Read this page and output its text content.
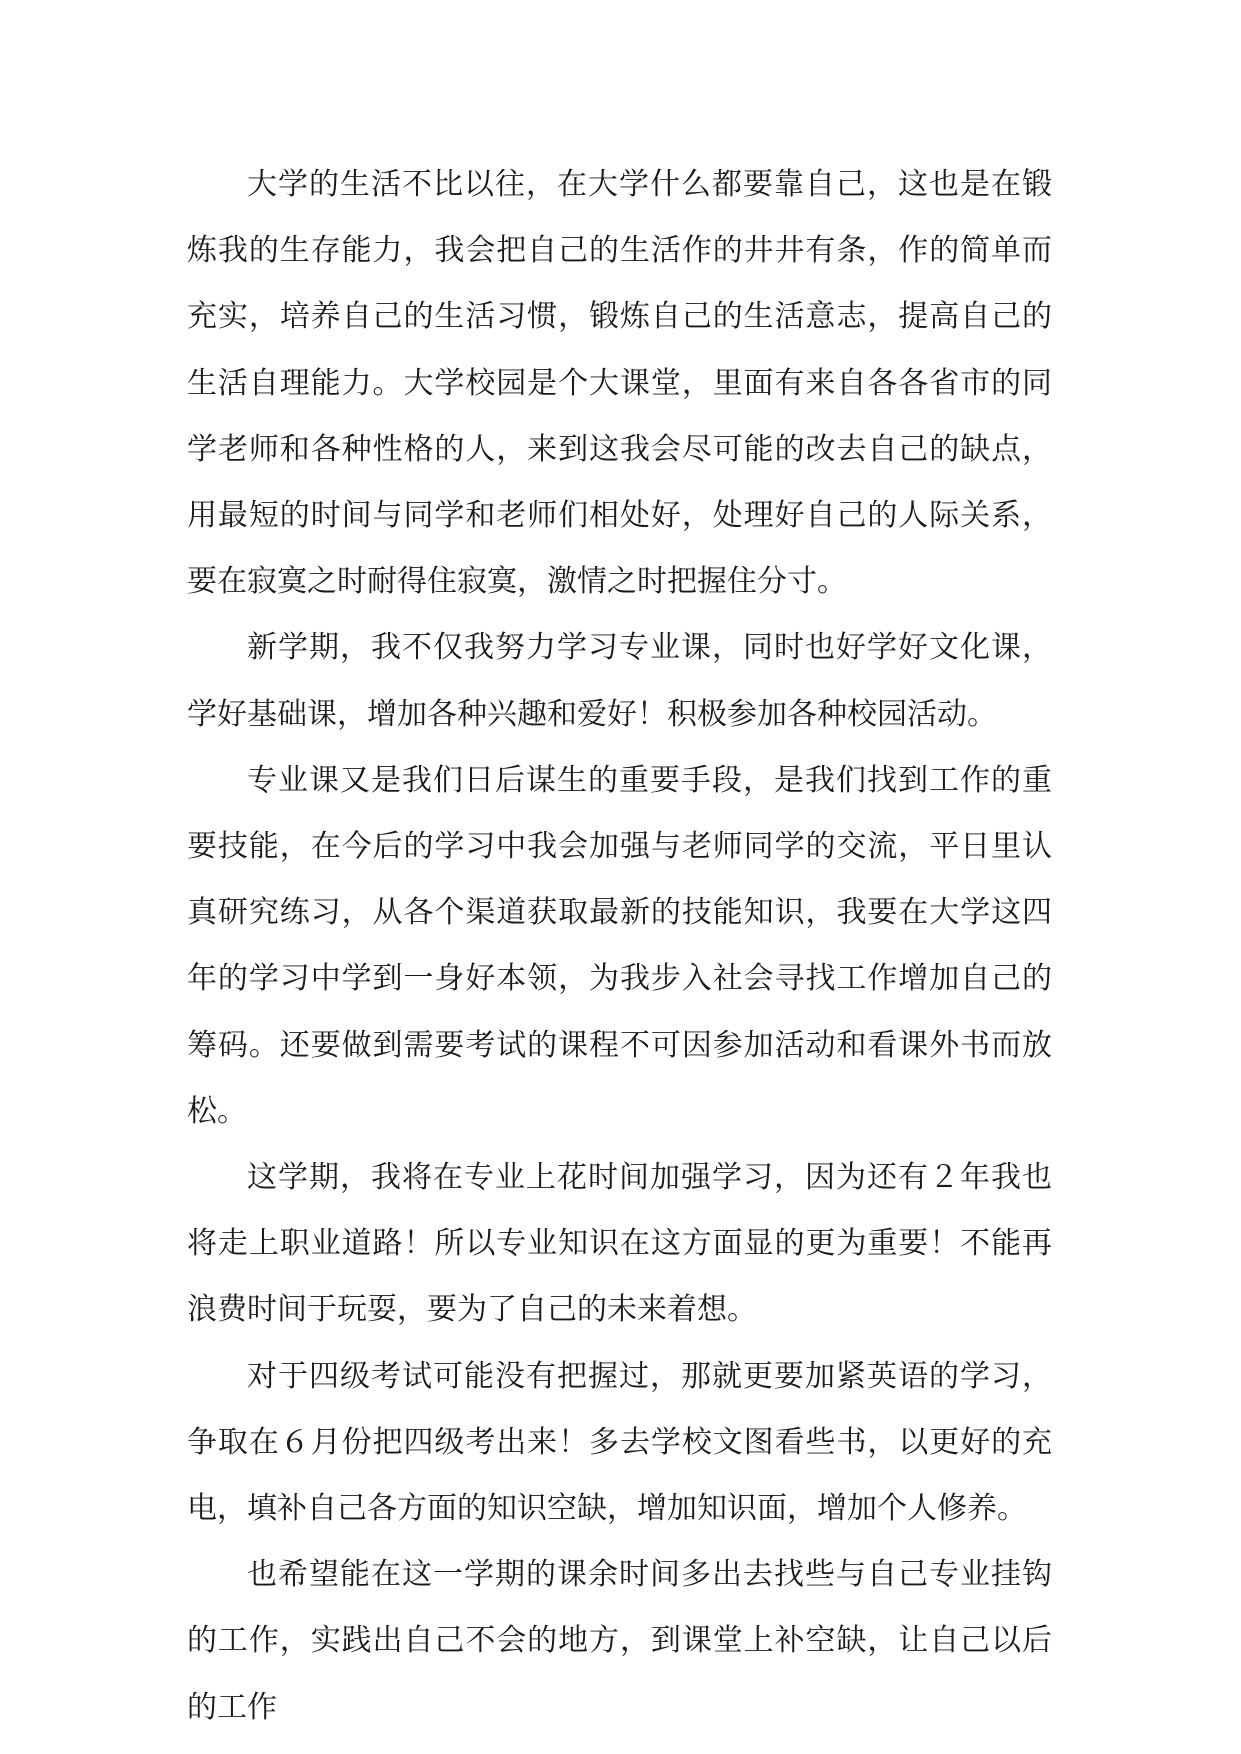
大学的生活不比以往，在大学什么都要靠自己，这也是在锻炼我的生存能力，我会把自己的生活作的井井有条，作的简单而充实，培养自己的生活习惯，锻炼自己的生活意志，提高自己的生活自理能力。大学校园是个大课堂，里面有来自各各省市的同学老师和各种性格的人，来到这我会尽可能的改去自己的缺点，用最短的时间与同学和老师们相处好，处理好自己的人际关系，要在寂寞之时耐得住寂寞，激情之时把握住分寸。

新学期，我不仅我努力学习专业课，同时也好学好文化课，学好基础课，增加各种兴趣和爱好！积极参加各种校园活动。

专业课又是我们日后谋生的重要手段，是我们找到工作的重要技能，在今后的学习中我会加强与老师同学的交流，平日里认真研究练习，从各个渠道获取最新的技能知识，我要在大学这四年的学习中学到一身好本领，为我步入社会寻找工作增加自己的筹码。还要做到需要考试的课程不可因参加活动和看课外书而放松。

这学期，我将在专业上花时间加强学习，因为还有２年我也将走上职业道路！所以专业知识在这方面显的更为重要！不能再浪费时间于玩耍，要为了自己的未来着想。

对于四级考试可能没有把握过，那就更要加紧英语的学习，争取在６月份把四级考出来！多去学校文图看些书，以更好的充电，填补自己各方面的知识空缺，增加知识面，增加个人修养。

也希望能在这一学期的课余时间多出去找些与自己专业挂钩的工作，实践出自己不会的地方，到课堂上补空缺，让自己以后的工作
